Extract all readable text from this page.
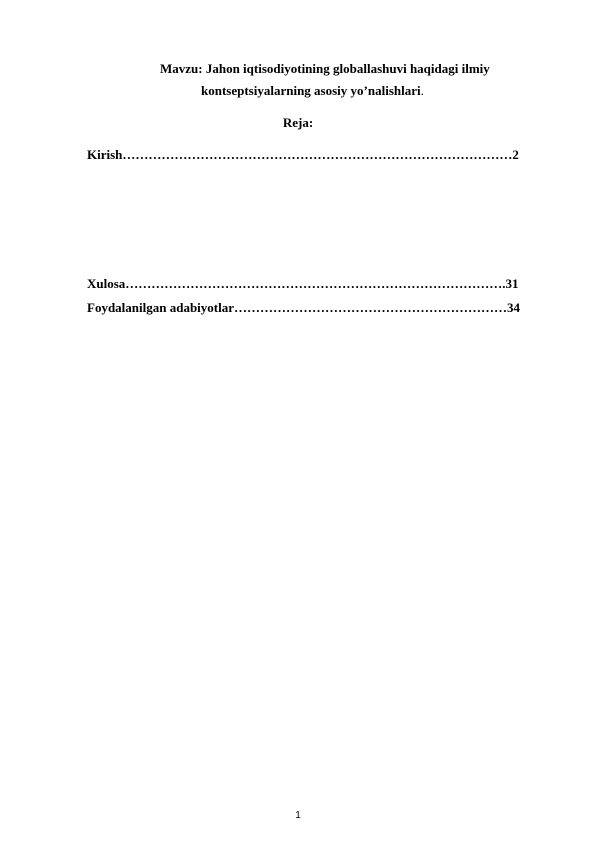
Mavzu: Jahon iqtisodiyotining globallashuvi haqidagi ilmiy
kontseptsiyalarning asosiy yo’nalishlari.
Reja:
Kirish………………………………………………………………………………2
Xulosa…………………………………………………………………………….31
Foydalanilgan adabiyotlar………………………………………………………34
1
